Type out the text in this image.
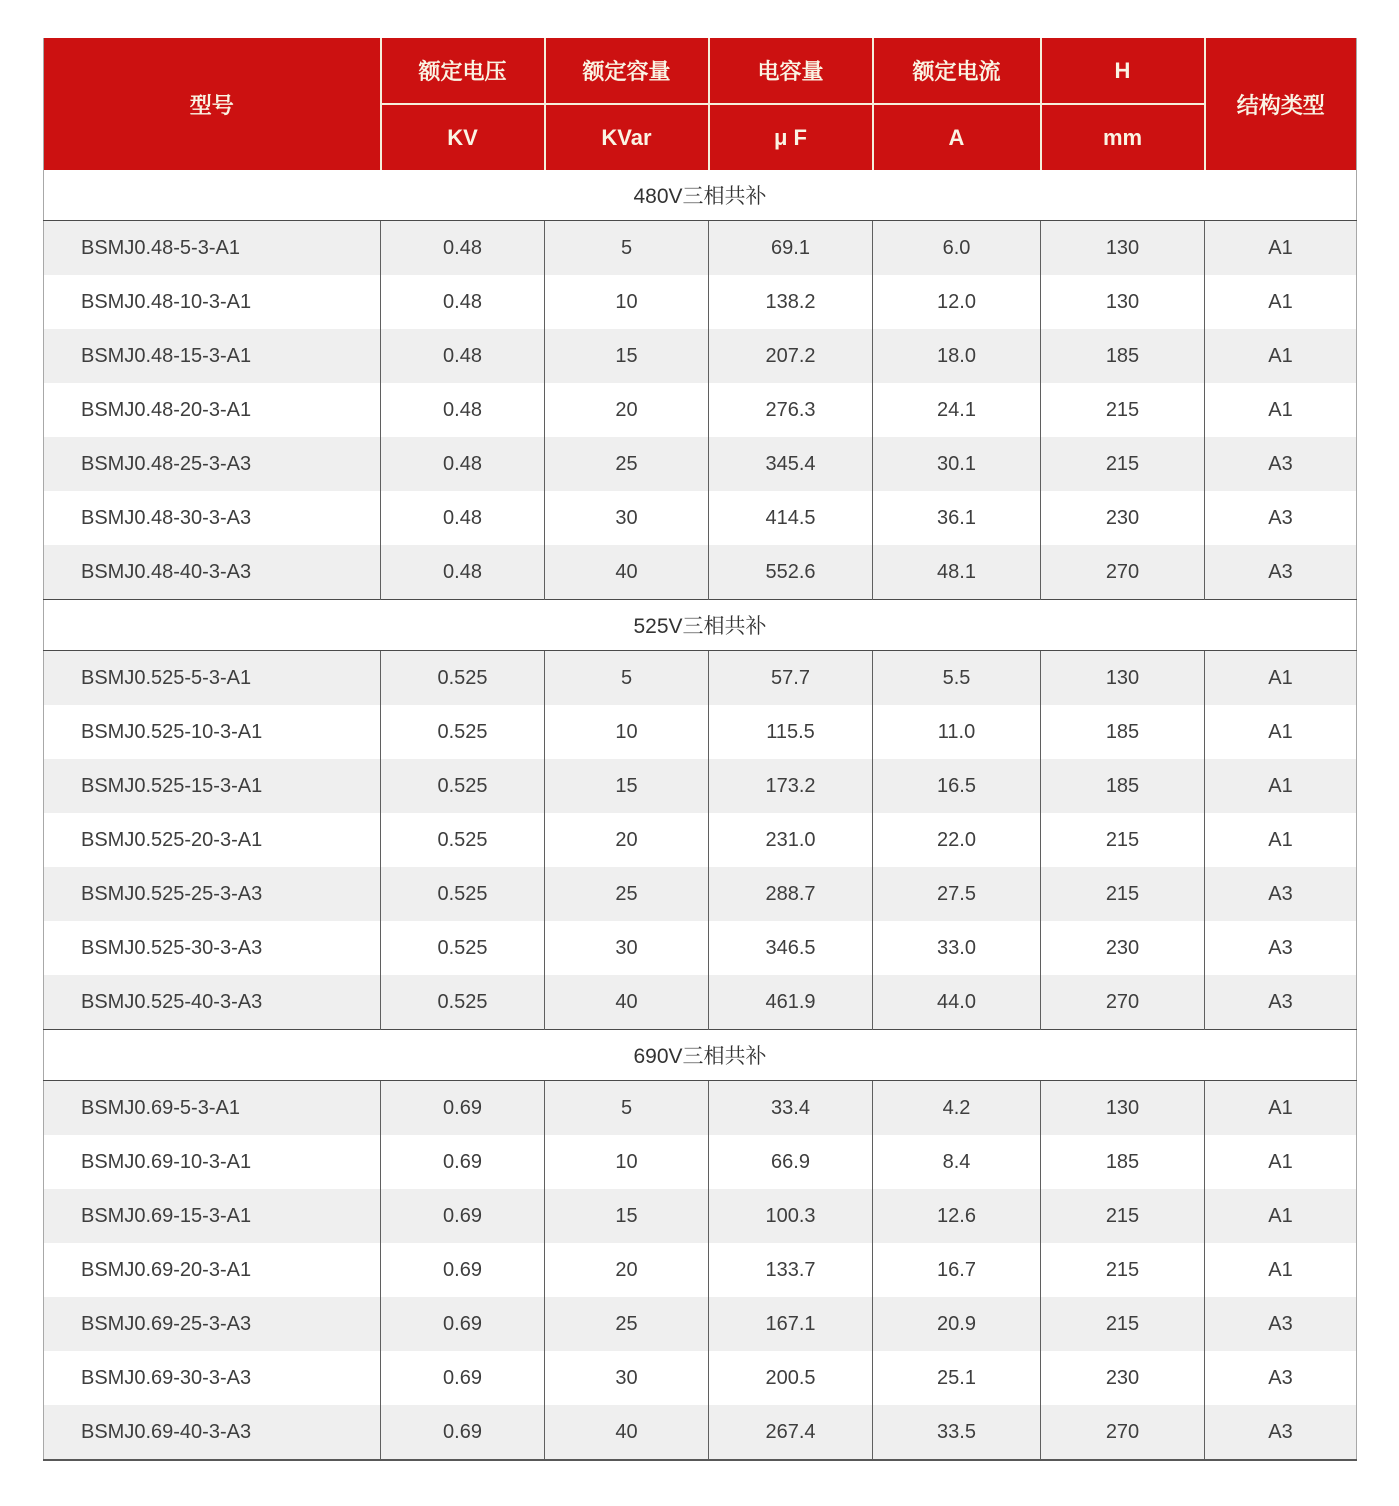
型号	额定电压	额定容量	电容量	额定电流	H	结构类型
	KV	KVar	μ F	A	mm	
480V三相共补						
BSMJ0.48-5-3-A1	0.48	5	69.1	6.0	130	A1
BSMJ0.48-10-3-A1	0.48	10	138.2	12.0	130	A1
BSMJ0.48-15-3-A1	0.48	15	207.2	18.0	185	A1
BSMJ0.48-20-3-A1	0.48	20	276.3	24.1	215	A1
BSMJ0.48-25-3-A3	0.48	25	345.4	30.1	215	A3
BSMJ0.48-30-3-A3	0.48	30	414.5	36.1	230	A3
BSMJ0.48-40-3-A3	0.48	40	552.6	48.1	270	A3
525V三相共补						
BSMJ0.525-5-3-A1	0.525	5	57.7	5.5	130	A1
BSMJ0.525-10-3-A1	0.525	10	115.5	11.0	185	A1
BSMJ0.525-15-3-A1	0.525	15	173.2	16.5	185	A1
BSMJ0.525-20-3-A1	0.525	20	231.0	22.0	215	A1
BSMJ0.525-25-3-A3	0.525	25	288.7	27.5	215	A3
BSMJ0.525-30-3-A3	0.525	30	346.5	33.0	230	A3
BSMJ0.525-40-3-A3	0.525	40	461.9	44.0	270	A3
690V三相共补						
BSMJ0.69-5-3-A1	0.69	5	33.4	4.2	130	A1
BSMJ0.69-10-3-A1	0.69	10	66.9	8.4	185	A1
BSMJ0.69-15-3-A1	0.69	15	100.3	12.6	215	A1
BSMJ0.69-20-3-A1	0.69	20	133.7	16.7	215	A1
BSMJ0.69-25-3-A3	0.69	25	167.1	20.9	215	A3
BSMJ0.69-30-3-A3	0.69	30	200.5	25.1	230	A3
BSMJ0.69-40-3-A3	0.69	40	267.4	33.5	270	A3
